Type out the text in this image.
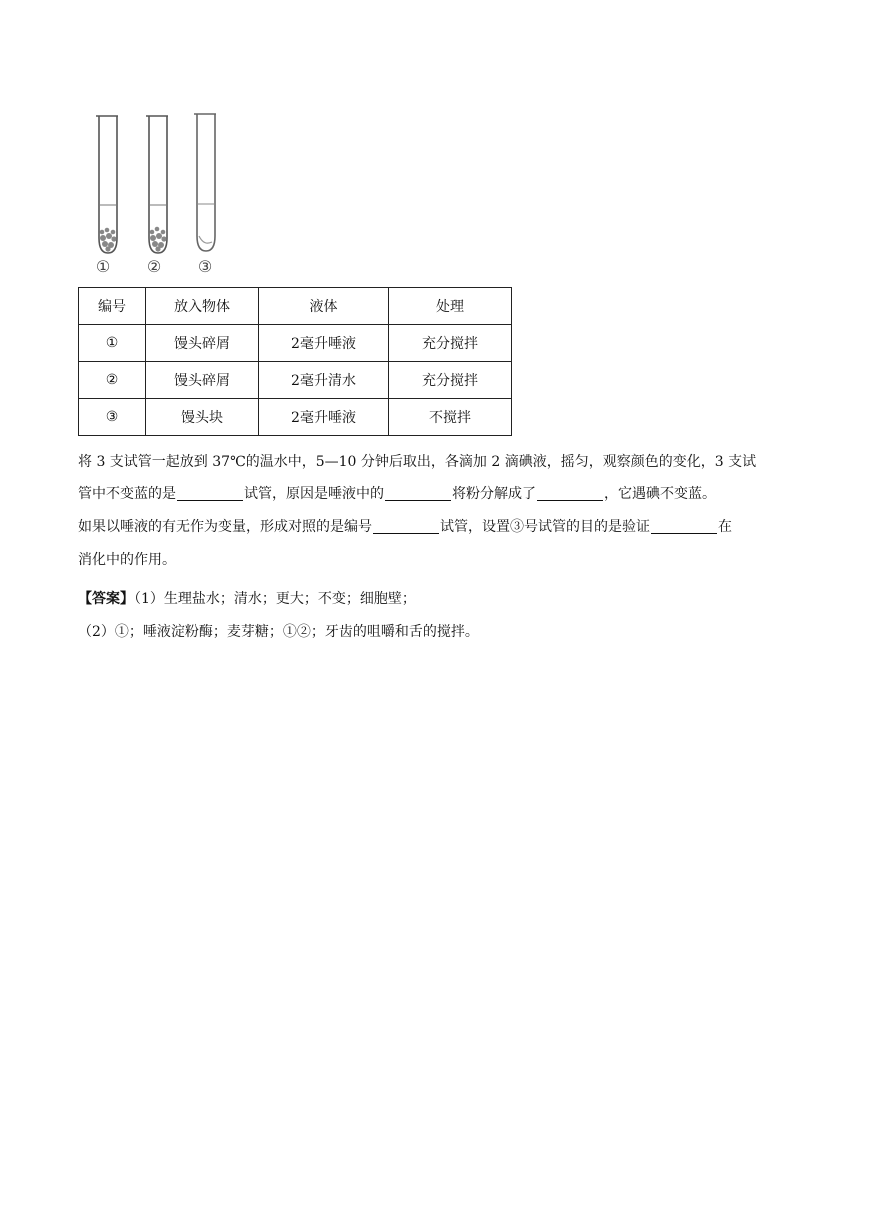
① ② ③
编号	放入物体	液体	处理
①	馒头碎屑	2毫升唾液	充分搅拌
②	馒头碎屑	2毫升清水	充分搅拌
③	馒头块	2毫升唾液	不搅拌
将 3 支试管一起放到 37℃的温水中，5—10 分钟后取出，各滴加 2 滴碘液，摇匀，观察颜色的变化，3 支试
管中不变蓝的是	试管，原因是唾液中的	将粉分解成了	，它遇碘不变蓝。
如果以唾液的有无作为变量，形成对照的是编号	试管，设置③号试管的目的是验证	在
消化中的作用。
【答案】（1）生理盐水；清水；更大；不变；细胞壁；
（2）①；唾液淀粉酶；麦芽糖；①②；牙齿的咀嚼和舌的搅拌。
